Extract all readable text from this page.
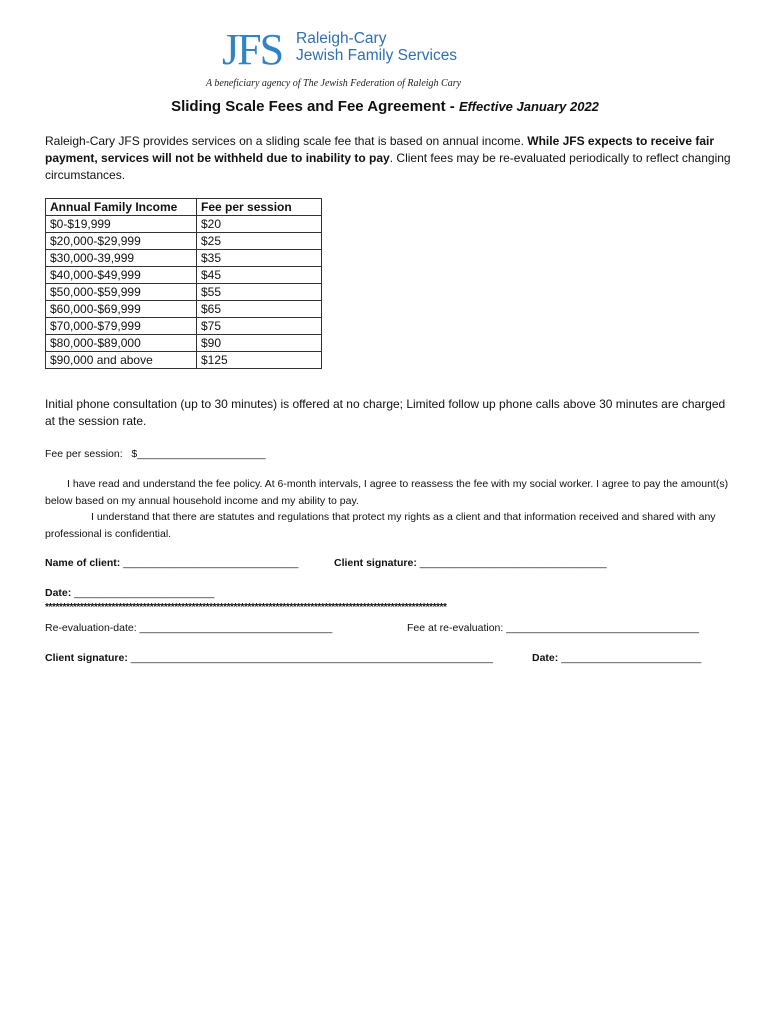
JFS Raleigh-Cary
Jewish Family Services
A beneficiary agency of The Jewish Federation of Raleigh Cary
Sliding Scale Fees and Fee Agreement - Effective January 2022
Raleigh-Cary JFS provides services on a sliding scale fee that is based on annual income. While JFS expects to receive fair payment, services will not be withheld due to inability to pay. Client fees may be re-evaluated periodically to reflect changing circumstances.
Annual Family Income	Fee per session
$0-$19,999	$20
$20,000-$29,999	$25
$30,000-39,999	$35
$40,000-$49,999	$45
$50,000-$59,999	$55
$60,000-$69,999	$65
$70,000-$79,999	$75
$80,000-$89,000	$90
$90,000 and above	$125
Initial phone consultation (up to 30 minutes) is offered at no charge; Limited follow up phone calls above 30 minutes are charged at the session rate.
Fee per session: $______________________
I have read and understand the fee policy. At 6-month intervals, I agree to reassess the fee with my social worker. I agree to pay the amount(s) below based on my annual household income and my ability to pay.
I understand that there are statutes and regulations that protect my rights as a client and that information received and shared with any professional is confidential.
Name of client: ______________________________	Client signature: ________________________________
Date: ________________________
*******************************************************************************************************************
Re-evaluation-date: _________________________________	Fee at re-evaluation: _________________________________
Client signature: ______________________________________________________________	Date: ________________________
